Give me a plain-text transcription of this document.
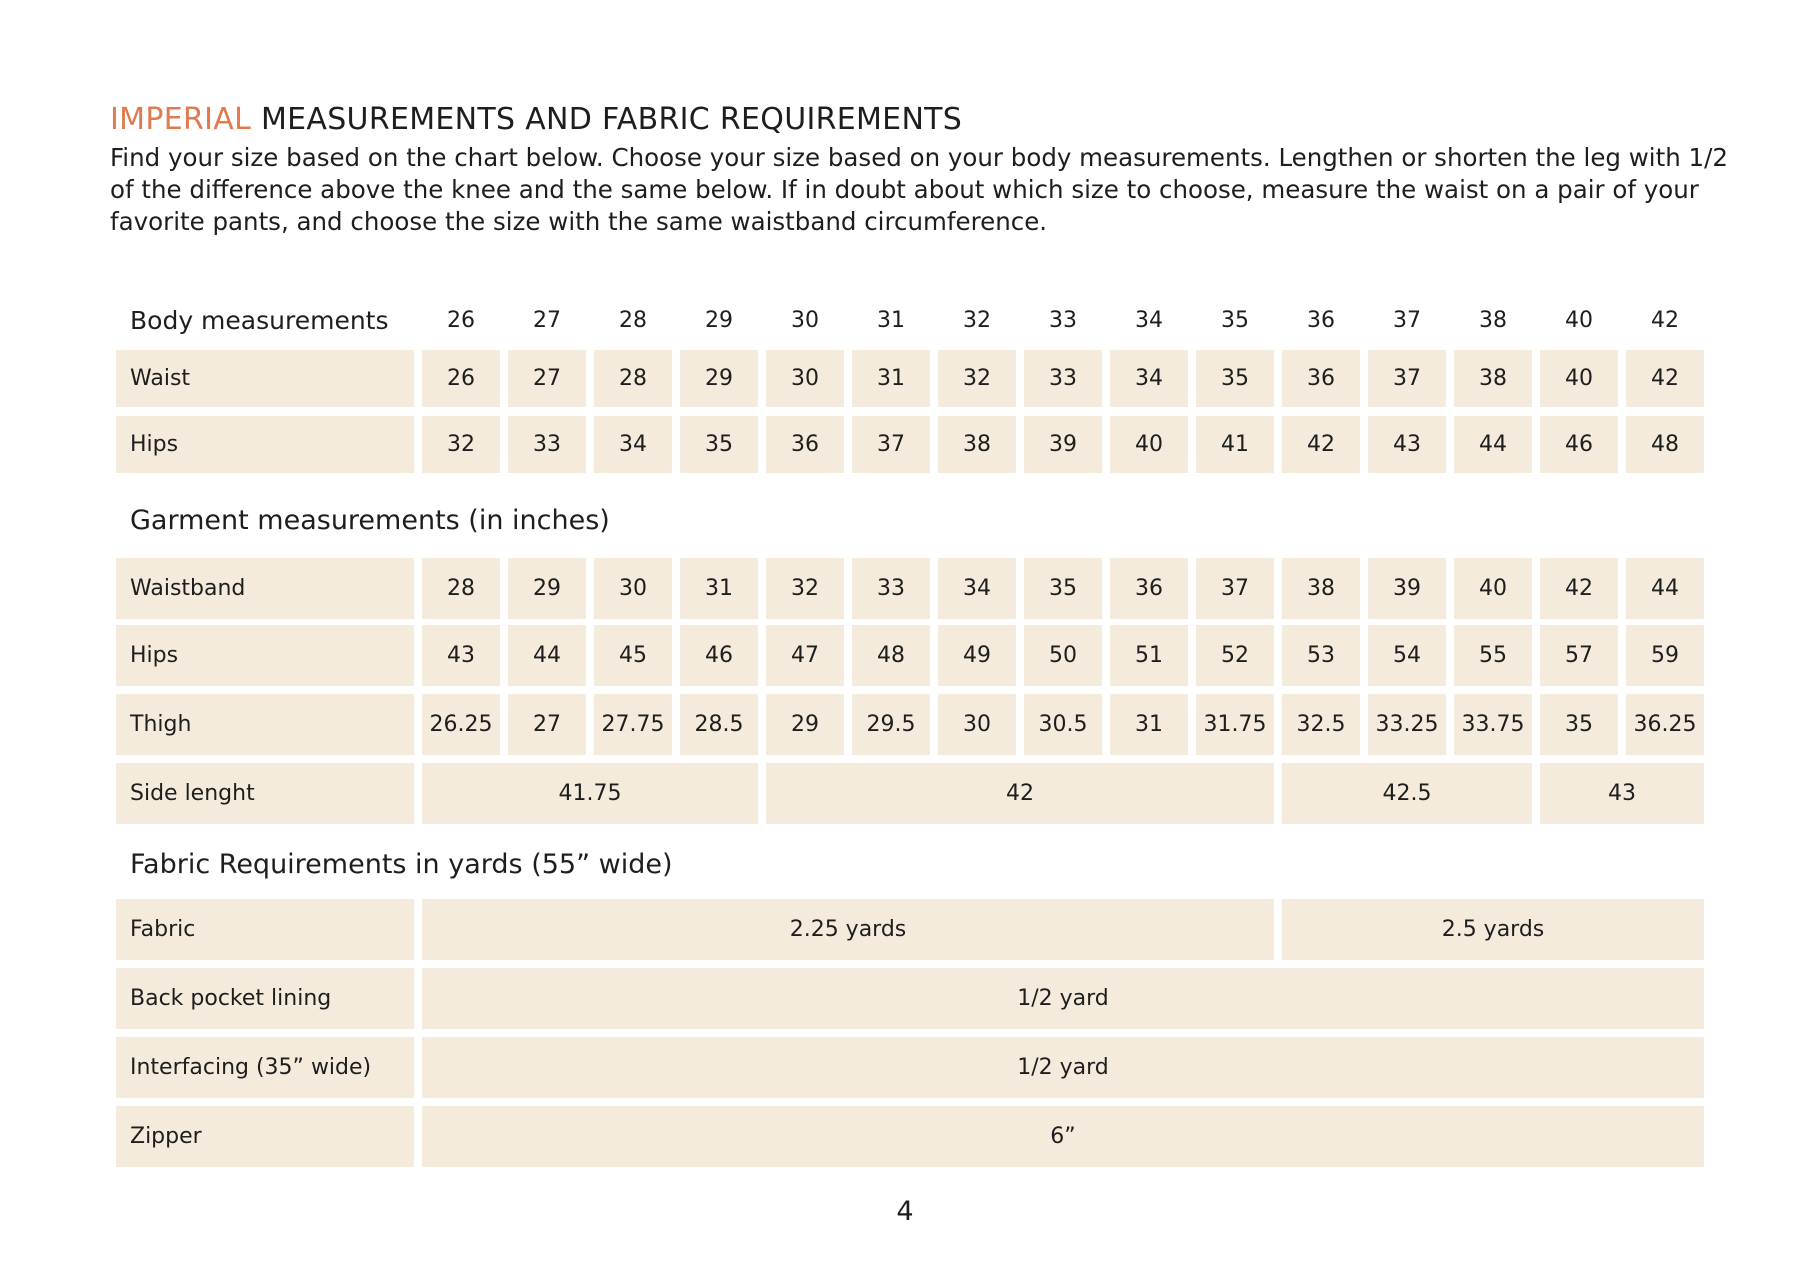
IMPERIAL MEASUREMENTS AND FABRIC REQUIREMENTS

Find your size based on the chart below. Choose your size based on your body measurements. Lengthen or shorten the leg with 1/2 of the difference above the knee and the same below. If in doubt about which size to choose, measure the waist on a pair of your favorite pants, and choose the size with the same waistband circumference.

Body measurements	26	27	28	29	30	31	32	33	34	35	36	37	38	40	42
Waist	26	27	28	29	30	31	32	33	34	35	36	37	38	40	42
Hips	32	33	34	35	36	37	38	39	40	41	42	43	44	46	48
Waistband	28	29	30	31	32	33	34	35	36	37	38	39	40	42	44
Hips	43	44	45	46	47	48	49	50	51	52	53	54	55	57	59
Thigh	26.25	27	27.75	28.5	29	29.5	30	30.5	31	31.75	32.5	33.25	33.75	35	36.25
Side lenght	41.75	42	42.5	43
Fabric	2.25 yards	2.5 yards
Back pocket lining	1/2 yard
Interfacing (35” wide)	1/2 yard
Zipper	6”
4
Garment measurements (in inches)
Fabric Requirements in yards (55” wide)
